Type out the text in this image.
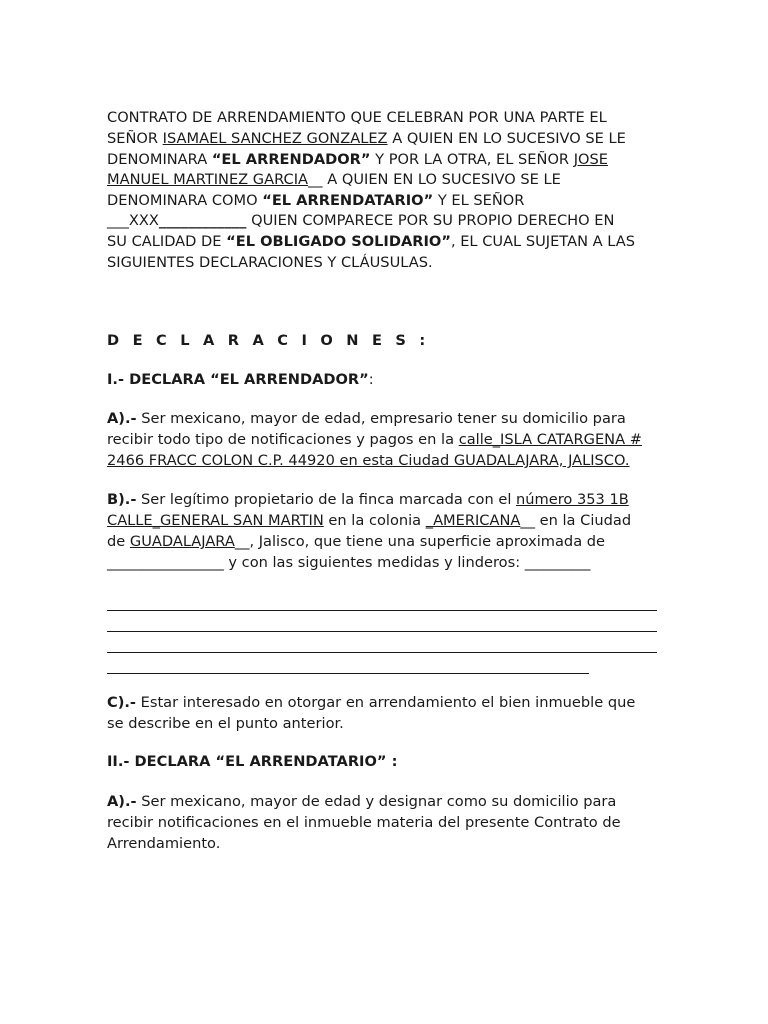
CONTRATO DE ARRENDAMIENTO QUE CELEBRAN POR UNA PARTE EL
SEÑOR ISAMAEL SANCHEZ GONZALEZ A QUIEN EN LO SUCESIVO SE LE
DENOMINARA “EL ARRENDADOR” Y POR LA OTRA, EL SEÑOR JOSE
MANUEL MARTINEZ GARCIA__ A QUIEN EN LO SUCESIVO SE LE
DENOMINARA COMO “EL ARRENDATARIO” Y EL SEÑOR
___XXX____________ QUIEN COMPARECE POR SU PROPIO DERECHO EN
SU CALIDAD DE “EL OBLIGADO SOLIDARIO”, EL CUAL SUJETAN A LAS
SIGUIENTES DECLARACIONES Y CLÁUSULAS.
D E C L A R A C I O N E S :
I.- DECLARA “EL ARRENDADOR”:
A).- Ser mexicano, mayor de edad, empresario tener su domicilio para
recibir todo tipo de notificaciones y pagos en la calle_ISLA CATARGENA #
2466 FRACC COLON C.P. 44920 en esta Ciudad GUADALAJARA, JALISCO.
B).- Ser legítimo propietario de la finca marcada con el número 353 1B
CALLE_GENERAL SAN MARTIN en la colonia _AMERICANA__ en la Ciudad
de GUADALAJARA__, Jalisco, que tiene una superficie aproximada de
________________ y con las siguientes medidas y linderos: _________
C).- Estar interesado en otorgar en arrendamiento el bien inmueble que
se describe en el punto anterior.
II.- DECLARA “EL ARRENDATARIO” :
A).- Ser mexicano, mayor de edad y designar como su domicilio para
recibir notificaciones en el inmueble materia del presente Contrato de
Arrendamiento.
